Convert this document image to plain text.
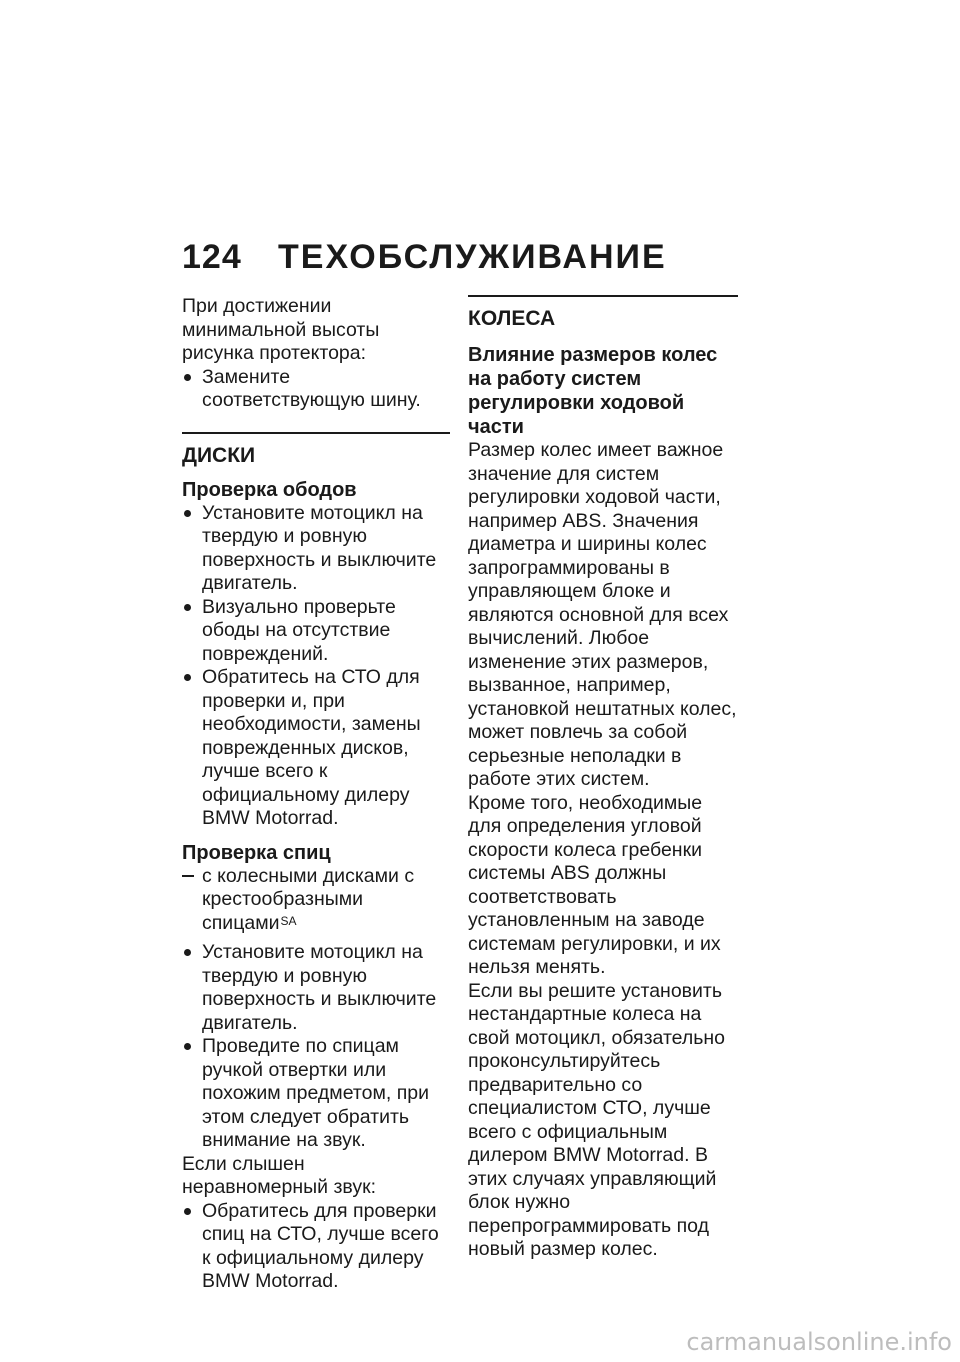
124	ТЕХОБСЛУЖИВАНИЕ

При достижении минимальной высоты рисунка протектора:

Замените соответствующую шину.
ДИСКИ
Проверка ободов
Установите мотоцикл на твердую и ровную поверхность и выключите двигатель.
Визуально проверьте ободы на отсутствие повреждений.
Обратитесь на СТО для проверки и, при необходимости, замены поврежденных дисков, лучше всего к официальному дилеру BMW Motorrad.
Проверка спиц
с колесными дисками с крестообразными спицами$^{SA}$
Установите мотоцикл на твердую и ровную поверхность и выключите двигатель.
Проведите по спицам ручкой отвертки или похожим предметом, при этом следует обратить внимание на звук.

Если слышен неравномерный звук:

Обратитесь для проверки спиц на СТО, лучше всего к официальному дилеру BMW Motorrad.
КОЛЕСА
Влияние размеров колес на работу систем регулировки ходовой части

Размер колес имеет важное значение для систем регулировки ходовой части, например ABS. Значения диаметра и ширины колес запрограммированы в управляющем блоке и являются основной для всех вычислений. Любое изменение этих размеров, вызванное, например, установкой нештатных колес, может повлечь за собой серьезные неполадки в работе этих систем.

Кроме того, необходимые для определения угловой скорости колеса гребенки системы ABS должны соответствовать установленным на заводе системам регулировки, и их нельзя менять.

Если вы решите установить нестандартные колеса на свой мотоцикл, обязательно проконсультируйтесь предварительно со специалистом СТО, лучше всего с официальным дилером BMW Motorrad. В этих случаях управляющий блок нужно перепрограммировать под новый размер колес.

carmanualsonline.info
